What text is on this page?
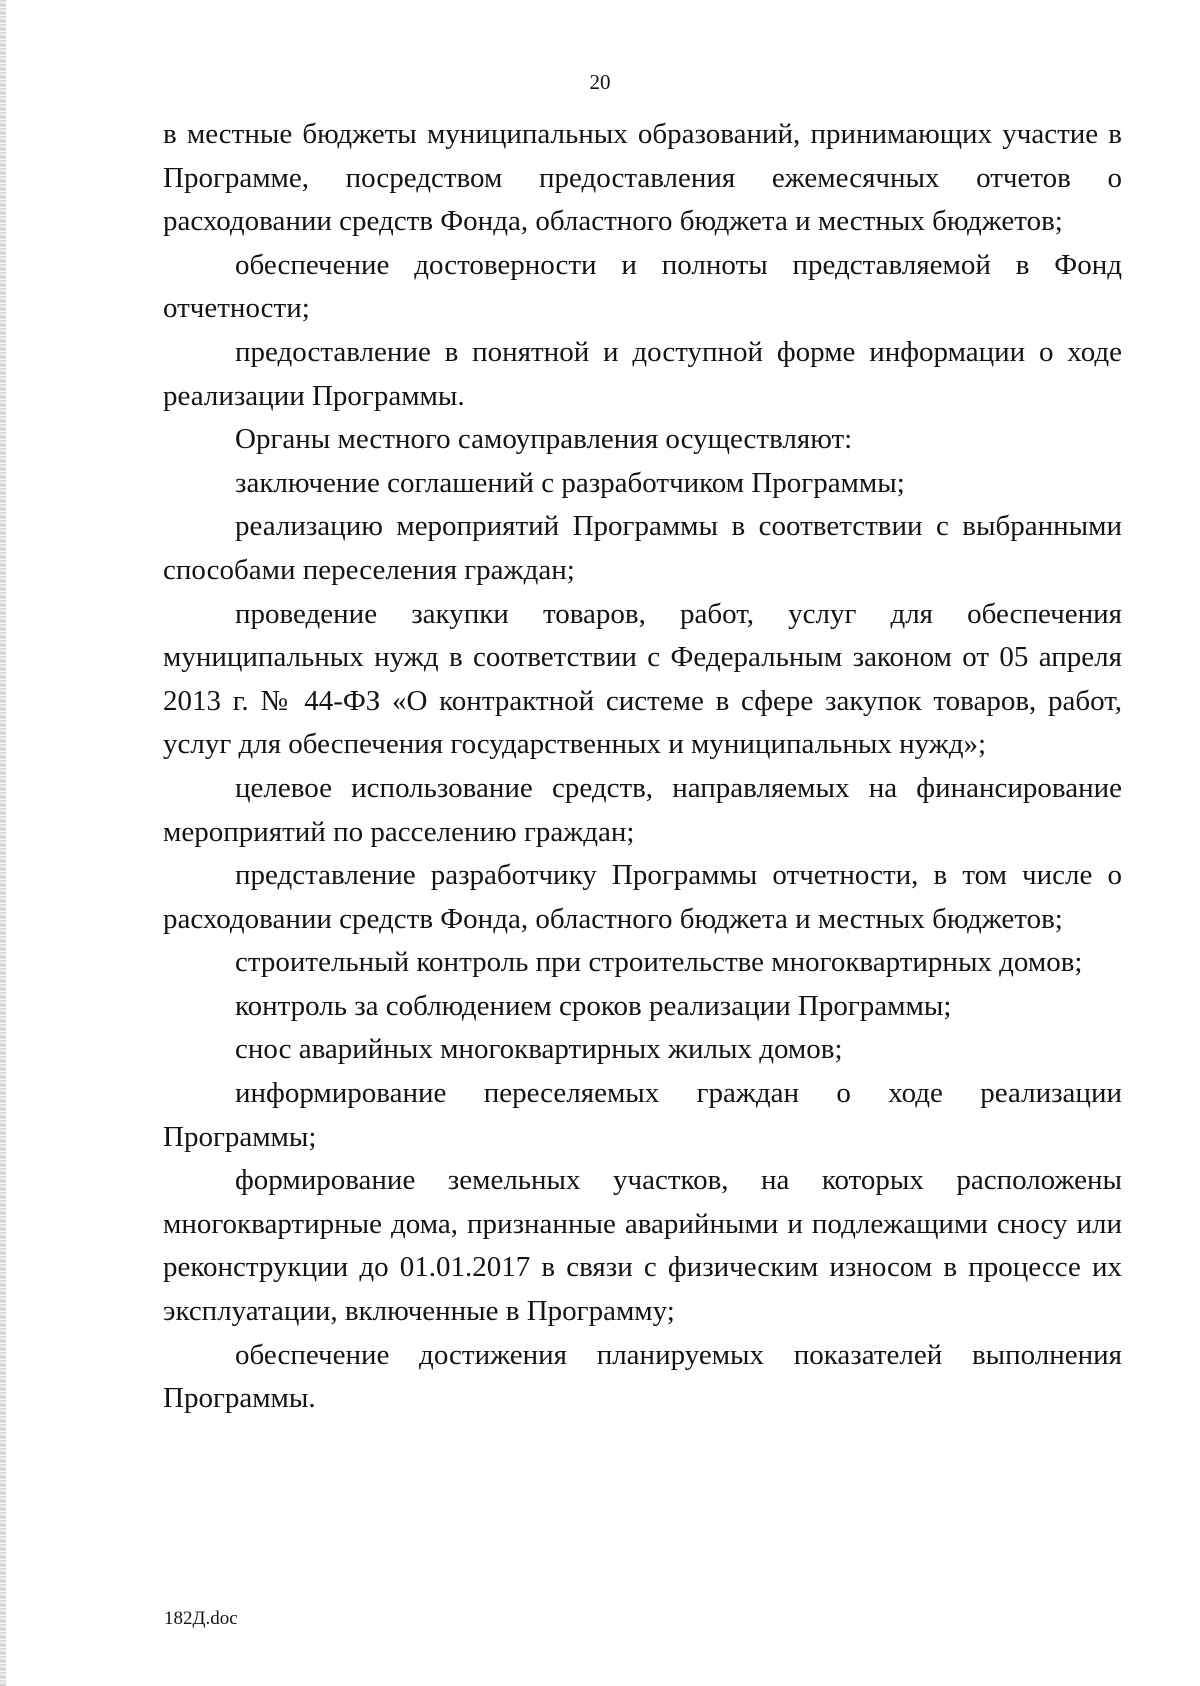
20

в местные бюджеты муниципальных образований, принимающих участие в Программе, посредством предоставления ежемесячных отчетов о расходовании средств Фонда, областного бюджета и местных бюджетов;

обеспечение достоверности и полноты представляемой в Фонд отчетности;

предоставление в понятной и доступной форме информации о ходе реализации Программы.

Органы местного самоуправления осуществляют:

заключение соглашений с разработчиком Программы;

реализацию мероприятий Программы в соответствии с выбранными способами переселения граждан;

проведение закупки товаров, работ, услуг для обеспечения муниципальных нужд в соответствии с Федеральным законом от 05 апреля 2013 г. № 44-ФЗ «О контрактной системе в сфере закупок товаров, работ, услуг для обеспечения государственных и муниципальных нужд»;

целевое использование средств, направляемых на финансирование мероприятий по расселению граждан;

представление разработчику Программы отчетности, в том числе о расходовании средств Фонда, областного бюджета и местных бюджетов;

строительный контроль при строительстве многоквартирных домов;

контроль за соблюдением сроков реализации Программы;

снос аварийных многоквартирных жилых домов;

информирование переселяемых граждан о ходе реализации Программы;

формирование земельных участков, на которых расположены многоквартирные дома, признанные аварийными и подлежащими сносу или реконструкции до 01.01.2017 в связи с физическим износом в процессе их эксплуатации, включенные в Программу;

обеспечение достижения планируемых показателей выполнения Программы.

182Д.doc
